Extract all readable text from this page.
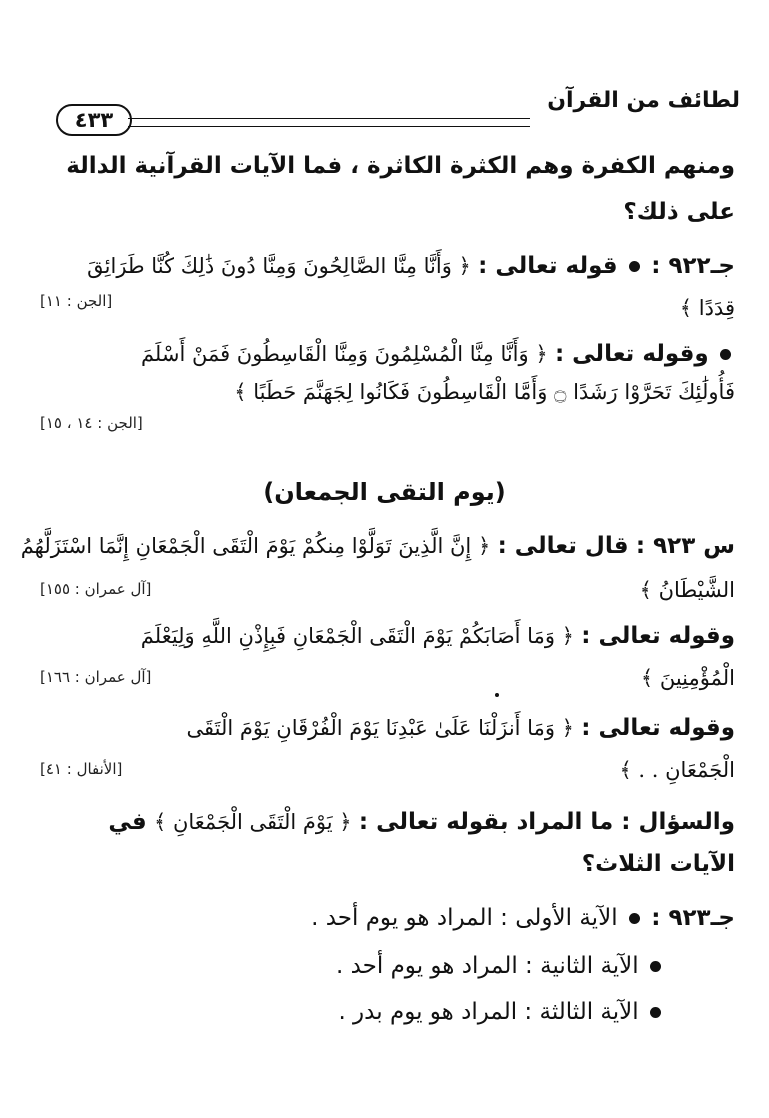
لطائف من القرآن
٤٣٣
ومنهم الكفرة وهم الكثرة الكاثرة ، فما الآيات القرآنية الدالة
على ذلك؟
جـ٩٢٢ :  قوله تعالى : ﴿ وَأَنَّا مِنَّا الصَّالِحُونَ وَمِنَّا دُونَ ذَٰلِكَ كُنَّا طَرَائِقَ
[الجن : ١١]	قِدَدًا ﴾
وقوله تعالى : ﴿ وَأَنَّا مِنَّا الْمُسْلِمُونَ وَمِنَّا الْقَاسِطُونَ فَمَنْ أَسْلَمَ
فَأُولَٰئِكَ تَحَرَّوْا رَشَدًا ۝ وَأَمَّا الْقَاسِطُونَ فَكَانُوا لِجَهَنَّمَ حَطَبًا ﴾
[الجن : ١٤ ، ١٥]
(يوم التقى الجمعان)
س ٩٢٣ : قال تعالى : ﴿ إِنَّ الَّذِينَ تَوَلَّوْا مِنكُمْ يَوْمَ الْتَقَى الْجَمْعَانِ إِنَّمَا اسْتَزَلَّهُمُ
الشَّيْطَانُ ﴾
[آل عمران : ١٥٥]
وقوله تعالى : ﴿ وَمَا أَصَابَكُمْ يَوْمَ الْتَقَى الْجَمْعَانِ فَبِإِذْنِ اللَّهِ وَلِيَعْلَمَ
الْمُؤْمِنِينَ ﴾
[آل عمران : ١٦٦]
وقوله تعالى : ﴿ وَمَا أَنزَلْنَا عَلَىٰ عَبْدِنَا يَوْمَ الْفُرْقَانِ يَوْمَ الْتَقَى
الْجَمْعَانِ . . ﴾
[الأنفال : ٤١]
والسؤال : ما المراد بقوله تعالى : ﴿ يَوْمَ الْتَقَى الْجَمْعَانِ ﴾ في
الآيات الثلاث؟
جـ٩٢٣ :  الآية الأولى : المراد هو يوم أحد .
الآية الثانية : المراد هو يوم أحد .
الآية الثالثة : المراد هو يوم بدر .
